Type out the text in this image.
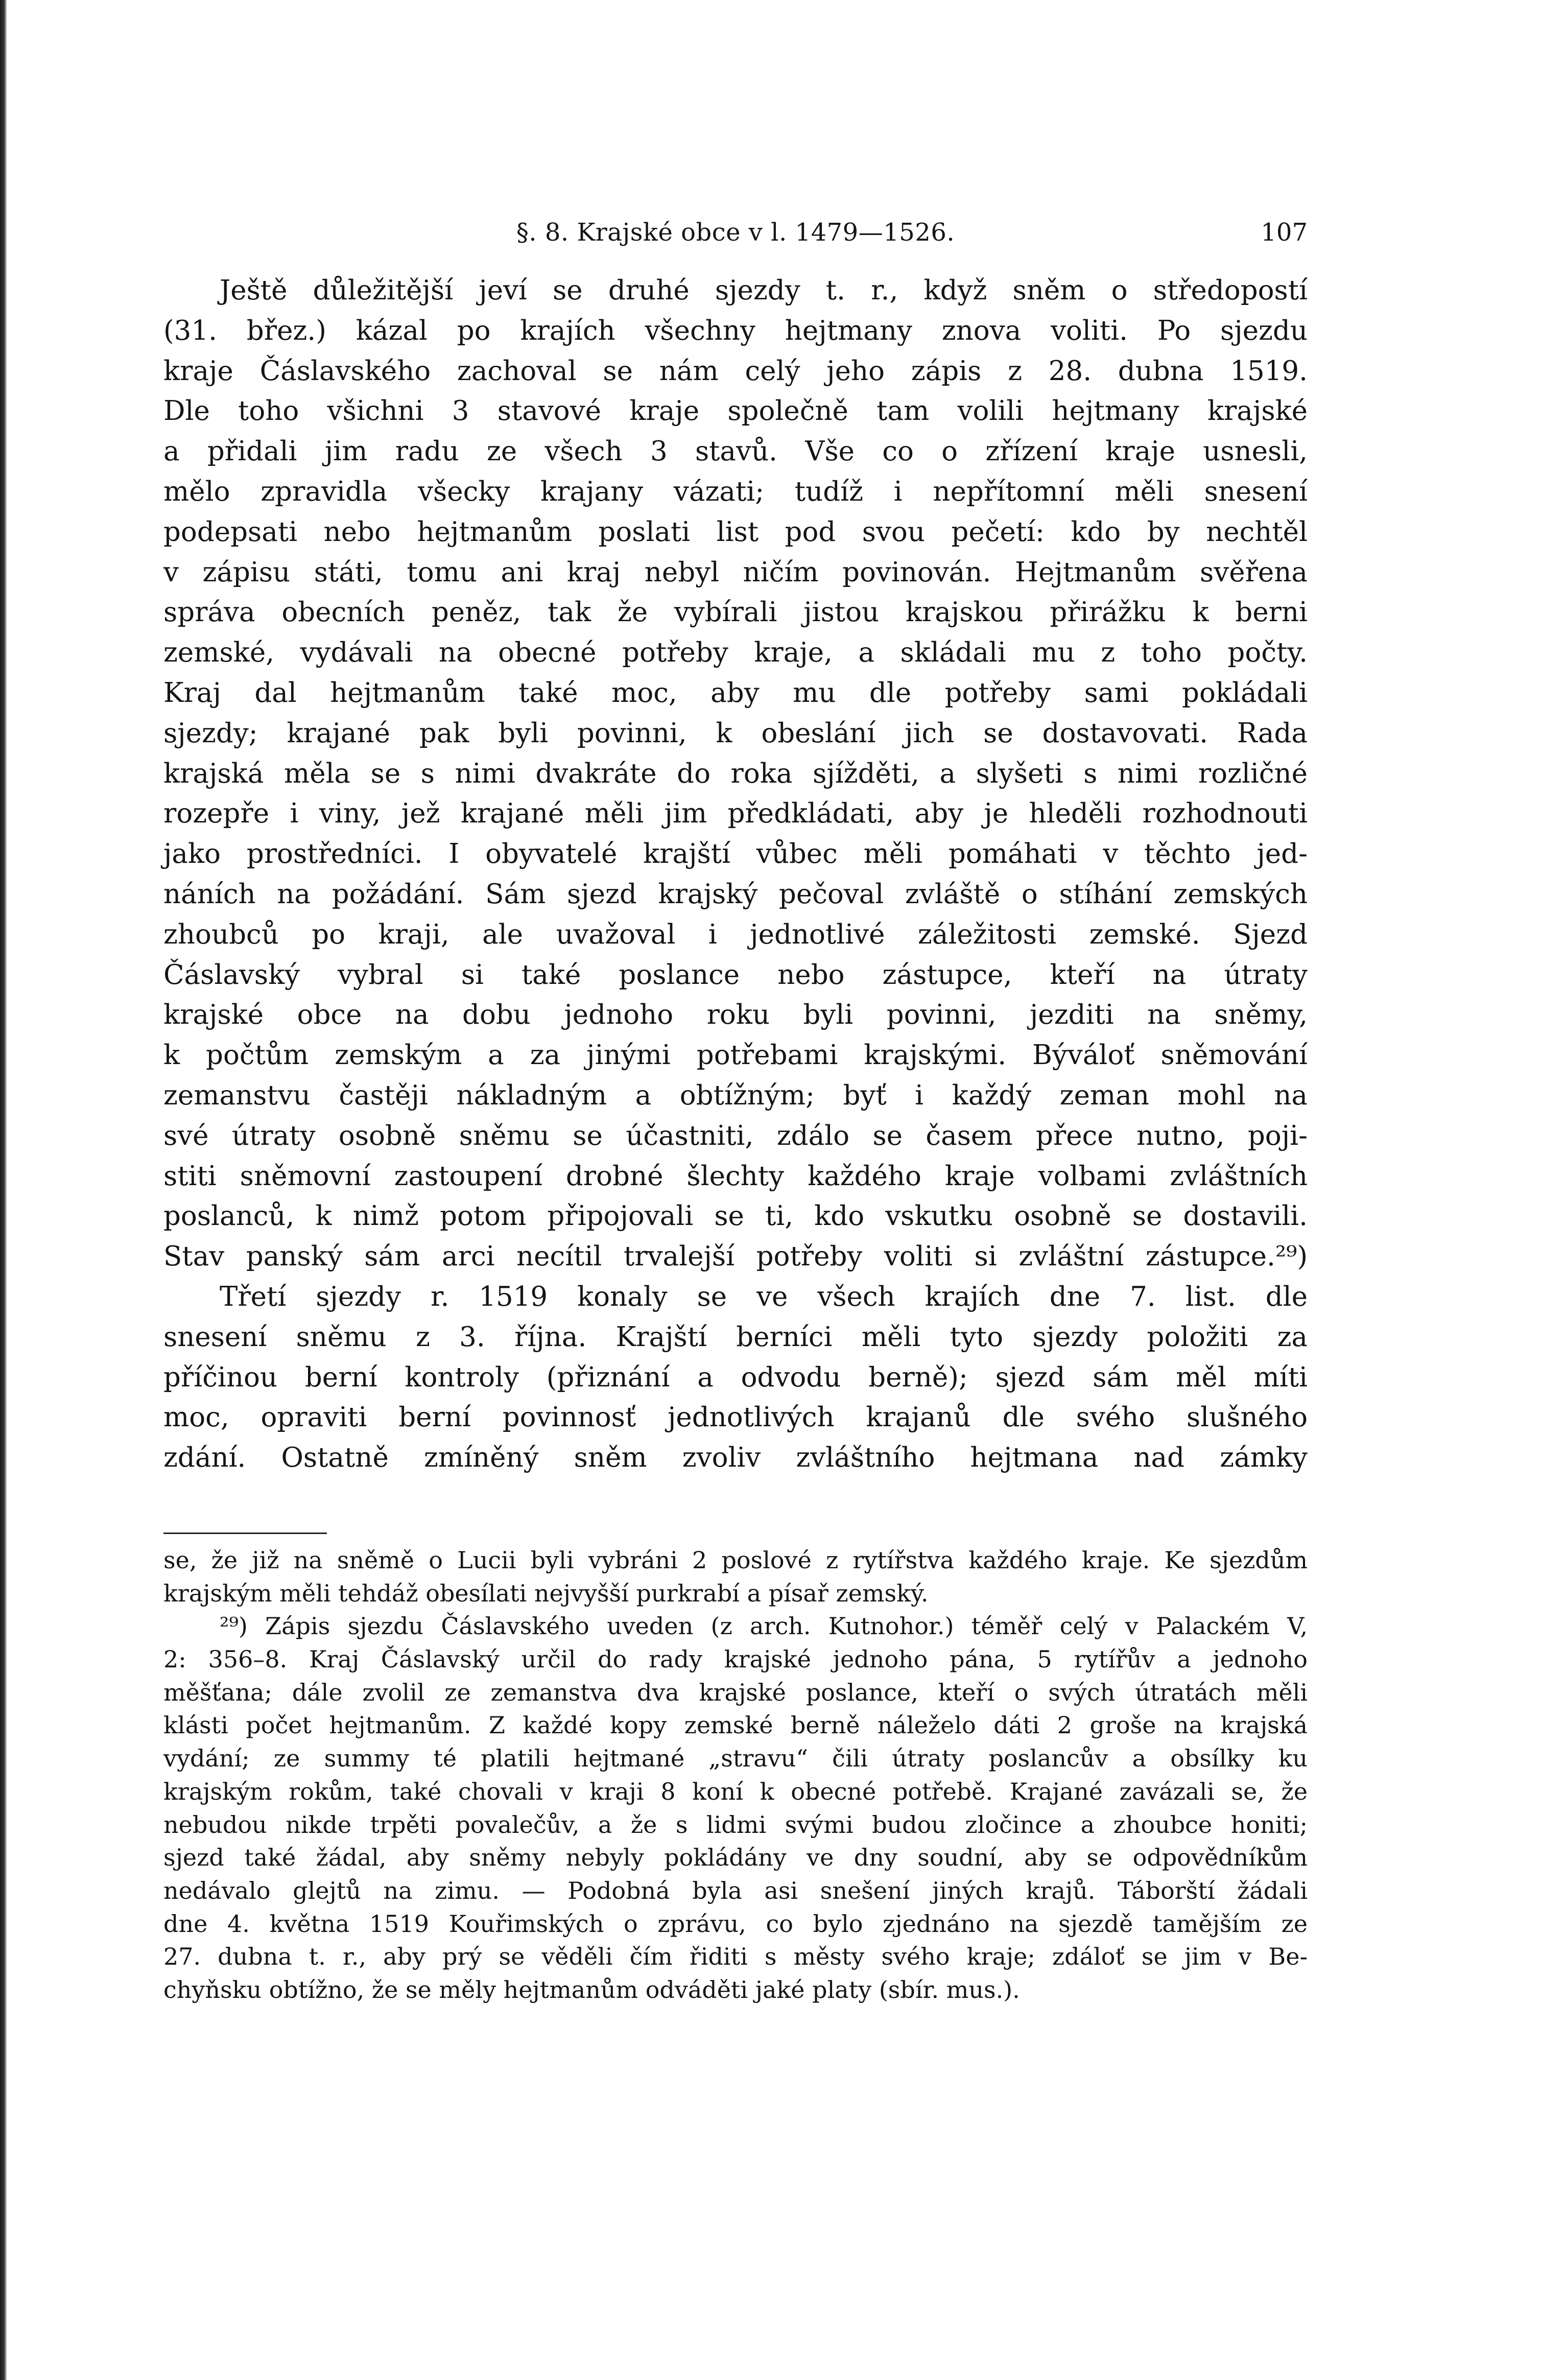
§. 8. Krajské obce v l. 1479—1526.	107
Ještě důležitější jeví se druhé sjezdy t. r., když sněm o středopostí
(31. břez.) kázal po krajích všechny hejtmany znova voliti. Po sjezdu
kraje Čáslavského zachoval se nám celý jeho zápis z 28. dubna 1519.
Dle toho všichni 3 stavové kraje společně tam volili hejtmany krajské
a přidali jim radu ze všech 3 stavů. Vše co o zřízení kraje usnesli,
mělo zpravidla všecky krajany vázati; tudíž i nepřítomní měli snesení
podepsati nebo hejtmanům poslati list pod svou pečetí: kdo by nechtěl
v zápisu státi, tomu ani kraj nebyl ničím povinován. Hejtmanům svěřena
správa obecních peněz, tak že vybírali jistou krajskou přirážku k berni
zemské, vydávali na obecné potřeby kraje, a skládali mu z toho počty.
Kraj dal hejtmanům také moc, aby mu dle potřeby sami pokládali
sjezdy; krajané pak byli povinni, k obeslání jich se dostavovati. Rada
krajská měla se s nimi dvakráte do roka sjížděti, a slyšeti s nimi rozličné
rozepře i viny, jež krajané měli jim předkládati, aby je hleděli rozhodnouti
jako prostředníci. I obyvatelé krajští vůbec měli pomáhati v těchto jed-
náních na požádání. Sám sjezd krajský pečoval zvláště o stíhání zemských
zhoubců po kraji, ale uvažoval i jednotlivé záležitosti zemské. Sjezd
Čáslavský vybral si také poslance nebo zástupce, kteří na útraty
krajské obce na dobu jednoho roku byli povinni, jezditi na sněmy,
k počtům zemským a za jinými potřebami krajskými. Býváloť sněmování
zemanstvu častěji nákladným a obtížným; byť i každý zeman mohl na
své útraty osobně sněmu se účastniti, zdálo se časem přece nutno, poji-
stiti sněmovní zastoupení drobné šlechty každého kraje volbami zvláštních
poslanců, k nimž potom připojovali se ti, kdo vskutku osobně se dostavili.
Stav panský sám arci necítil trvalejší potřeby voliti si zvláštní zástupce.²⁹)
Třetí sjezdy r. 1519 konaly se ve všech krajích dne 7. list. dle
snesení sněmu z 3. října. Krajští berníci měli tyto sjezdy položiti za
příčinou berní kontroly (přiznání a odvodu berně); sjezd sám měl míti
moc, opraviti berní povinnosť jednotlivých krajanů dle svého slušného
zdání. Ostatně zmíněný sněm zvoliv zvláštního hejtmana nad zámky
se, že již na sněmě o Lucii byli vybráni 2 poslové z rytířstva každého kraje. Ke sjezdům
krajským měli tehdáž obesílati nejvyšší purkrabí a písař zemský.
²⁹) Zápis sjezdu Čáslavského uveden (z arch. Kutnohor.) téměř celý v Palackém V,
2: 356–8. Kraj Čáslavský určil do rady krajské jednoho pána, 5 rytířův a jednoho
měšťana; dále zvolil ze zemanstva dva krajské poslance, kteří o svých útratách měli
klásti počet hejtmanům. Z každé kopy zemské berně náleželo dáti 2 groše na krajská
vydání; ze summy té platili hejtmané „stravu“ čili útraty poslancův a obsílky ku
krajským rokům, také chovali v kraji 8 koní k obecné potřebě. Krajané zavázali se, že
nebudou nikde trpěti povalečův, a že s lidmi svými budou zločince a zhoubce honiti;
sjezd také žádal, aby sněmy nebyly pokládány ve dny soudní, aby se odpovědníkům
nedávalo glejtů na zimu. — Podobná byla asi snešení jiných krajů. Táborští žádali
dne 4. května 1519 Kouřimských o zprávu, co bylo zjednáno na sjezdě tamějším ze
27. dubna t. r., aby prý se věděli čím řiditi s městy svého kraje; zdáloť se jim v Be-
chyňsku obtížno, že se měly hejtmanům odváděti jaké platy (sbír. mus.).
